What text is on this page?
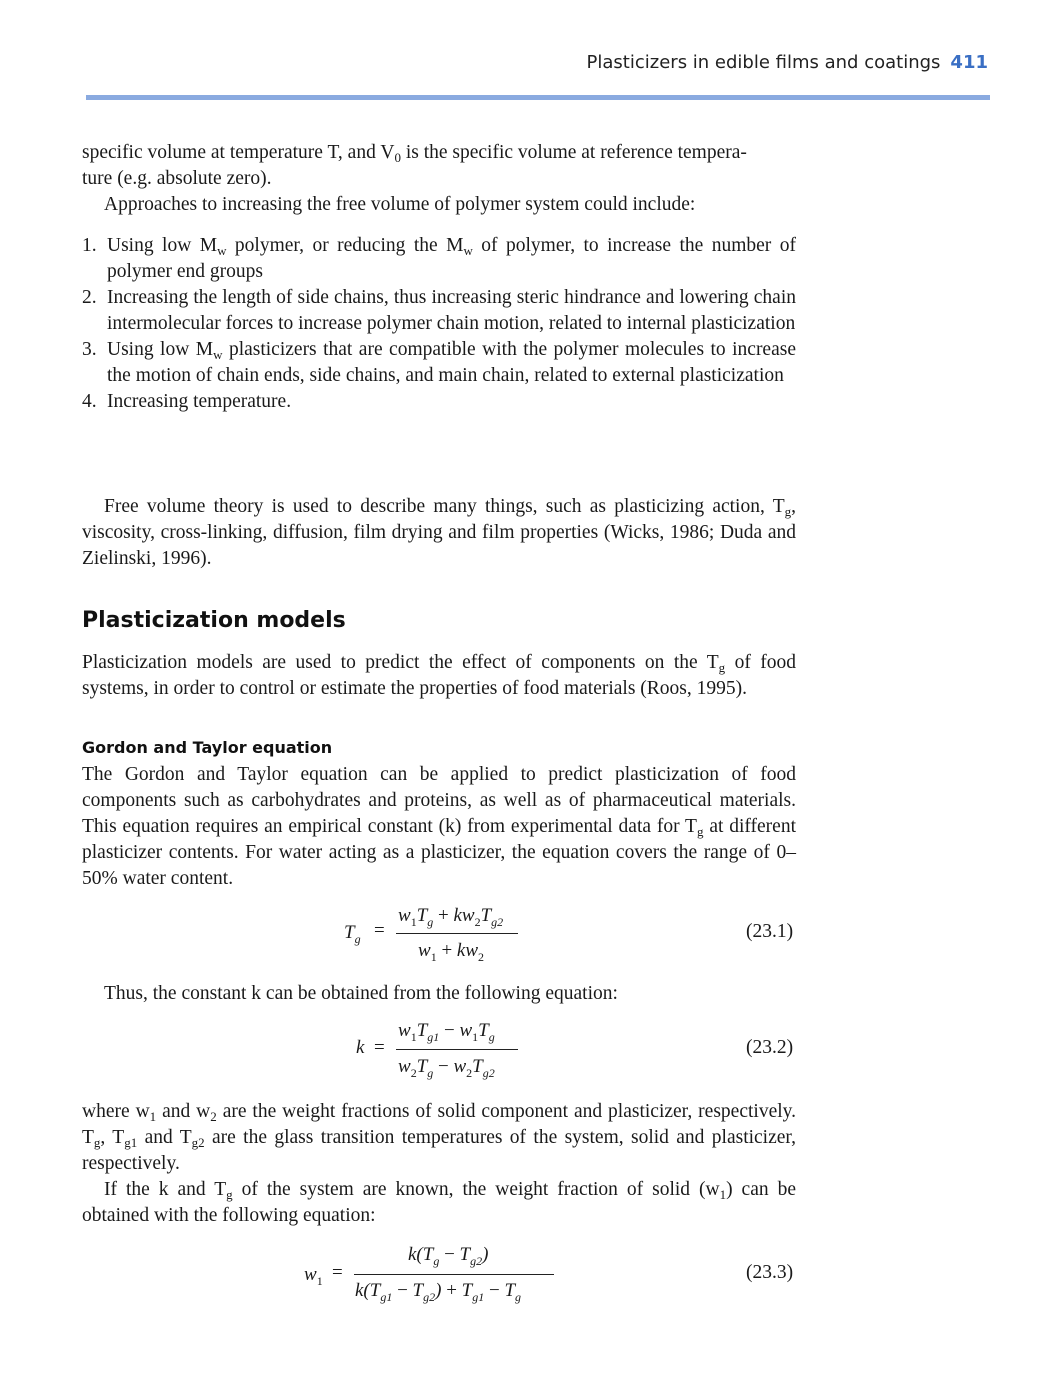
Plasticizers in edible films and coatings 411

specific volume at temperature T, and $V_0$ is the specific volume at reference tempera-

ture (e.g. absolute zero).

Approaches to increasing the free volume of polymer system could include:

1. Using low $M_w$ polymer, or reducing the $M_w$ of polymer, to increase the number of polymer end groups
2. Increasing the length of side chains, thus increasing steric hindrance and lowering chain intermolecular forces to increase polymer chain motion, related to internal plasticization
3. Using low $M_w$ plasticizers that are compatible with the polymer molecules to increase the motion of chain ends, side chains, and main chain, related to external plasticization
4. Increasing temperature.

Free volume theory is used to describe many things, such as plasticizing action, $T_g$, viscosity, cross-linking, diffusion, film drying and film properties (Wicks, 1986; Duda and Zielinski, 1996).

Plasticization models

Plasticization models are used to predict the effect of components on the $T_g$ of food systems, in order to control or estimate the properties of food materials (Roos, 1995).

Gordon and Taylor equation

The Gordon and Taylor equation can be applied to predict plasticization of food components such as carbohydrates and proteins, as well as of pharmaceutical materials. This equation requires an empirical constant (k) from experimental data for $T_g$ at different plasticizer contents. For water acting as a plasticizer, the equation covers the range of 0–50% water content.

$T_g$ =
$w_1T_g + kw_2T_{g2}$
$w_1 + kw_2$
(23.1)

Thus, the constant k can be obtained from the following equation:

k =
$w_1T_{g1} - w_1T_g$
$w_2T_g - w_2T_{g2}$
(23.2)

where $w_1$ and $w_2$ are the weight fractions of solid component and plasticizer, respectively. $T_g$, $T_{g1}$ and $T_{g2}$ are the glass transition temperatures of the system, solid and plasticizer, respectively.

If the k and $T_g$ of the system are known, the weight fraction of solid $(w_1)$ can be obtained with the following equation:

$w_1$ =
$k(T_g - T_{g2})$
$k(T_{g1} - T_{g2}) + T_{g1} - T_g$
(23.3)
